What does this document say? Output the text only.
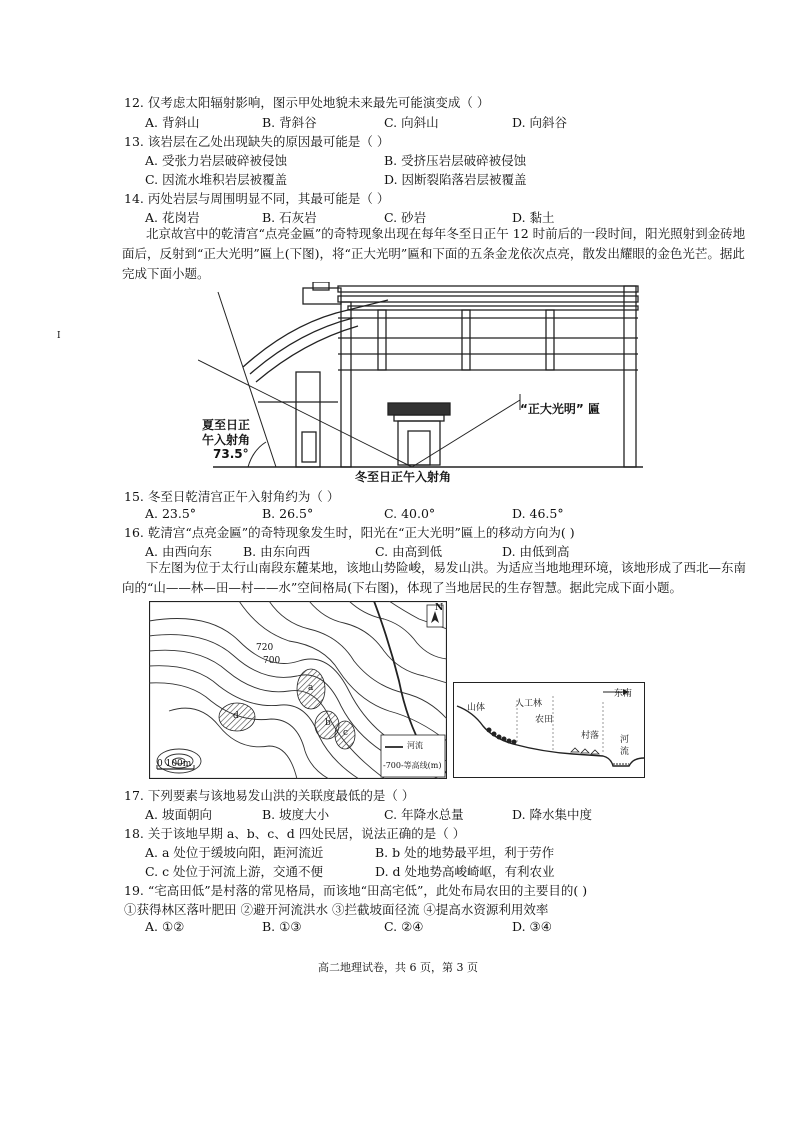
I
12. 仅考虑太阳辐射影响，图示甲处地貌未来最先可能演变成（ ）
A. 背斜山	B. 背斜谷	C. 向斜山	D. 向斜谷
13. 该岩层在乙处出现缺失的原因最可能是（ ）
A. 受张力岩层破碎被侵蚀	B. 受挤压岩层破碎被侵蚀
C. 因流水堆积岩层被覆盖	D. 因断裂陷落岩层被覆盖
14. 丙处岩层与周围明显不同，其最可能是（ ）
A. 花岗岩	B. 石灰岩	C. 砂岩	D. 黏土
北京故宫中的乾清宫“点亮金匾”的奇特现象出现在每年冬至日正午 12 时前后的一段时间，阳光照射到金砖地面后，反射到“正大光明”匾上(下图)，将“正大光明”匾和下面的五条金龙依次点亮，散发出耀眼的金色光芒。据此完成下面小题。
“正大光明” 匾
夏至日正
午入射角
73.5°
冬至日正午入射角
15. 冬至日乾清宫正午入射角约为（ ）
A. 23.5°	B. 26.5°	C. 40.0°	D. 46.5°
16. 乾清宫“点亮金匾”的奇特现象发生时，阳光在“正大光明”匾上的移动方向为( )
A. 由西向东 B. 由东向西	C. 由高到低	D. 由低到高
下左图为位于太行山南段东麓某地，该地山势险峻，易发山洪。为适应当地地理环境，该地形成了西北—东南向的“山——林—田—村——水”空间格局(下右图)，体现了当地居民的生存智慧。据此完成下面小题。
N
720
700
0 100m
河流
-700-等高线(m)
a
b
c
d
东南
山体	人工林
农田
村落 河
流
17. 下列要素与该地易发山洪的关联度最低的是（ ）
A. 坡面朝向	B. 坡度大小	C. 年降水总量	D. 降水集中度
18. 关于该地早期 a、b、c、d 四处民居，说法正确的是（ ）
A. a 处位于缓坡向阳，距河流近	B. b 处的地势最平坦，利于劳作
C. c 处位于河流上游，交通不便	D. d 处地势高峻崎岖，有利农业
19. “宅高田低”是村落的常见格局，而该地“田高宅低”，此处布局农田的主要目的( )
①获得林区落叶肥田 ②避开河流洪水 ③拦截坡面径流 ④提高水资源利用效率
A. ①②	B. ①③	C. ②④	D. ③④
高二地理试卷，共 6 页，第 3 页
